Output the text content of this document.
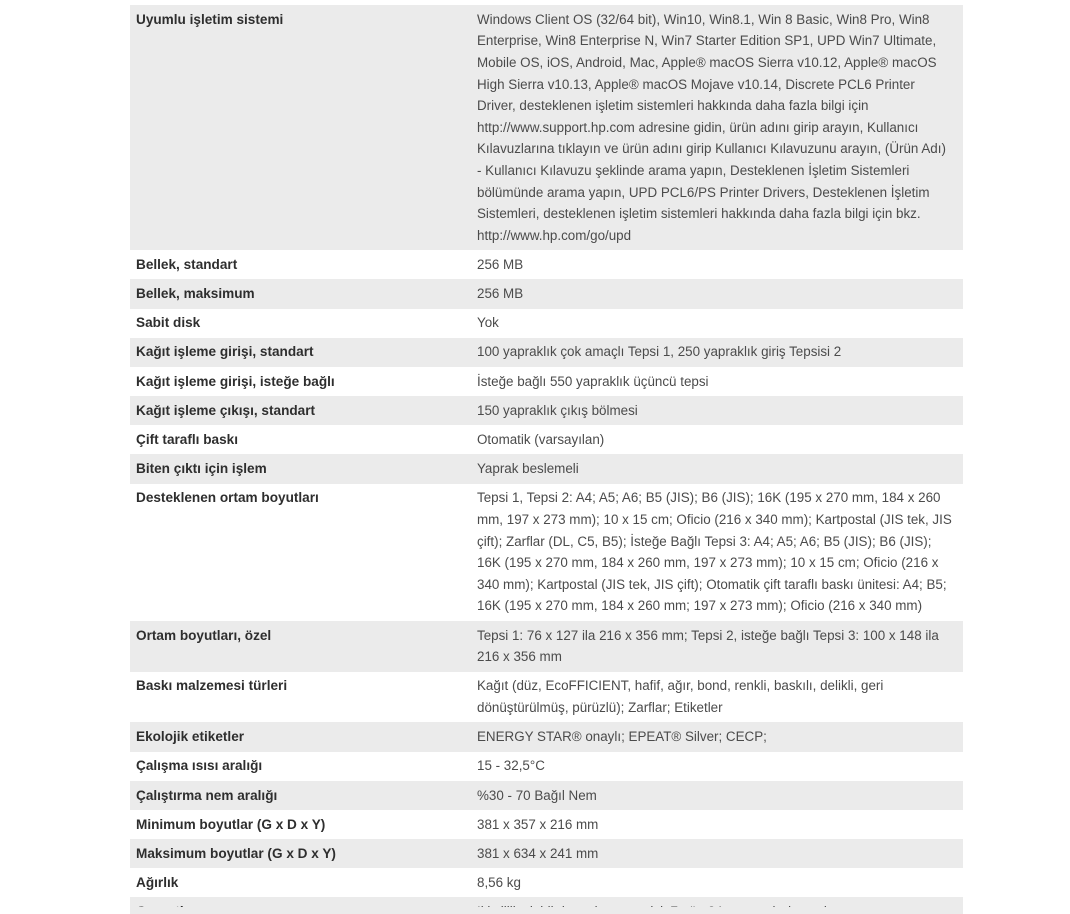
Uyumlu işletim sistemi	Windows Client OS (32/64 bit), Win10, Win8.1, Win 8 Basic, Win8 Pro, Win8 Enterprise, Win8 Enterprise N, Win7 Starter Edition SP1, UPD Win7 Ultimate, Mobile OS, iOS, Android, Mac, Apple® macOS Sierra v10.12, Apple® macOS High Sierra v10.13, Apple® macOS Mojave v10.14, Discrete PCL6 Printer Driver, desteklenen işletim sistemleri hakkında daha fazla bilgi için http://www.support.hp.com adresine gidin, ürün adını girip arayın, Kullanıcı Kılavuzlarına tıklayın ve ürün adını girip Kullanıcı Kılavuzunu arayın, (Ürün Adı) - Kullanıcı Kılavuzu şeklinde arama yapın, Desteklenen İşletim Sistemleri bölümünde arama yapın, UPD PCL6/PS Printer Drivers, Desteklenen İşletim Sistemleri, desteklenen işletim sistemleri hakkında daha fazla bilgi için bkz. http://www.hp.com/go/upd
Bellek, standart	256 MB
Bellek, maksimum	256 MB
Sabit disk	Yok
Kağıt işleme girişi, standart	100 yapraklık çok amaçlı Tepsi 1, 250 yapraklık giriş Tepsisi 2
Kağıt işleme girişi, isteğe bağlı	İsteğe bağlı 550 yapraklık üçüncü tepsi
Kağıt işleme çıkışı, standart	150 yapraklık çıkış bölmesi
Çift taraflı baskı	Otomatik (varsayılan)
Biten çıktı için işlem	Yaprak beslemeli
Desteklenen ortam boyutları	Tepsi 1, Tepsi 2: A4; A5; A6; B5 (JIS); B6 (JIS); 16K (195 x 270 mm, 184 x 260 mm, 197 x 273 mm); 10 x 15 cm; Oficio (216 x 340 mm); Kartpostal (JIS tek, JIS çift); Zarflar (DL, C5, B5); İsteğe Bağlı Tepsi 3: A4; A5; A6; B5 (JIS); B6 (JIS); 16K (195 x 270 mm, 184 x 260 mm, 197 x 273 mm); 10 x 15 cm; Oficio (216 x 340 mm); Kartpostal (JIS tek, JIS çift); Otomatik çift taraflı baskı ünitesi: A4; B5; 16K (195 x 270 mm, 184 x 260 mm; 197 x 273 mm); Oficio (216 x 340 mm)
Ortam boyutları, özel	Tepsi 1: 76 x 127 ila 216 x 356 mm; Tepsi 2, isteğe bağlı Tepsi 3: 100 x 148 ila 216 x 356 mm
Baskı malzemesi türleri	Kağıt (düz, EcoFFICIENT, hafif, ağır, bond, renkli, baskılı, delikli, geri dönüştürülmüş, pürüzlü); Zarflar; Etiketler
Ekolojik etiketler	ENERGY STAR® onaylı; EPEAT® Silver; CECP;
Çalışma ısısı aralığı	15 - 32,5°C
Çalıştırma nem aralığı	%30 - 70 Bağıl Nem
Minimum boyutlar (G x D x Y)	381 x 357 x 216 mm
Maksimum boyutlar (G x D x Y)	381 x 634 x 241 mm
Ağırlık	8,56 kg
